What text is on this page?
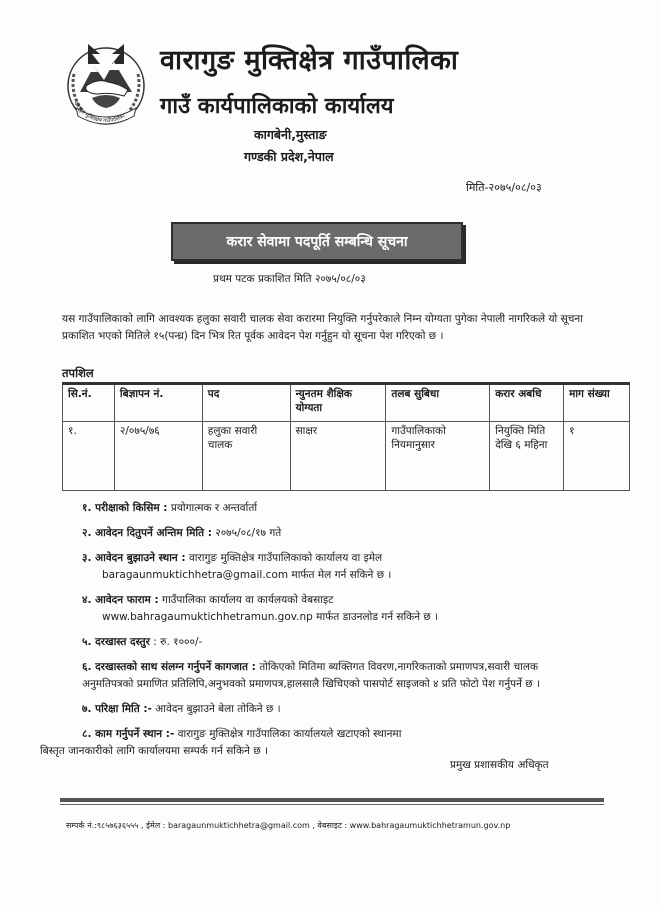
वारागुङ मुक्तिक्षेत्र गाउँपालिका
वारागुङ मुक्तिक्षेत्र गाउँपालिका
गाउँ कार्यपालिकाको कार्यालय
कागबेनी,मुस्ताङ
गण्डकी प्रदेश,नेपाल
मिति-२०७५/०८/०३
करार सेवामा पदपूर्ति सम्बन्धि सूचना
प्रथम पटक प्रकाशित मिति २०७५/०८/०३
यस गाउँपालिकाको लागि आवश्यक हलुका सवारी चालक सेवा करारमा नियुक्ति गर्नुपरेकाले निम्न योग्यता पुगेका नेपाली नागरिकले यो सूचना प्रकाशित भएको मितिले १५(पन्ध्र) दिन भित्र रित पूर्वक आवेदन पेश गर्नुहुन यो सूचना पेश गरिएको छ ।
तपशिल
सि.नं.	बिज्ञापन नं.	पद	न्युनतम शैक्षिक योग्यता	तलब सुबिधा	करार अबधि	माग संख्या
१.	२/०७५/७६	हलुका सवारी चालक	साक्षर	गाउँपालिकाको नियमानुसार	नियुक्ति मिति देखि ६ महिना	१
१. परीक्षाको किसिम : प्रयोगात्मक र अन्तर्वार्ता
२. आवेदन दितुपर्ने अन्तिम मिति : २०७५/०८/१७ गते
३. आवेदन बुझाउने स्थान : वारागुङ मुक्तिक्षेत्र गाउँपालिकाको कार्यालय वा इमेल
baragaunmuktichhetra@gmail.com मार्फत मेल गर्न सकिने छ ।
४. आवेदन फाराम : गाउँपालिका कार्यालय वा कार्यलयको वेबसाइट
www.bahragaumuktichhetramun.gov.np मार्फत डाउनलोड गर्न सकिने छ ।
५. दरखास्त दस्तुर : रु. १०००/-
६. दरखास्तको साथ संलग्न गर्नुपर्ने कागजात : तोकिएको मितिमा ब्यक्तिगत विवरण,नागरिकताको प्रमाणपत्र,सवारी चालक अनुमतिपत्रको प्रमाणित प्रतिलिपि,अनुभवको प्रमाणपत्र,हालसालै खिचिएको पासपोर्ट साइजको ४ प्रति फोटो पेश गर्नुपर्ने छ ।
७. परिक्षा मिति :- आवेदन बुझाउने बेला तोकिने छ ।
८. काम गर्नुपर्ने स्थान :- वारागुङ मुक्तिक्षेत्र गाउँपालिका कार्यालयले खटाएको स्थानमा
बिस्तृत जानकारीको लागि कार्यालयमा सम्पर्क गर्न सकिने छ ।
प्रमुख प्रशासकीय अधिकृत
सम्पर्क नं.:९८५७६३६५५५ , ईमेल : baragaunmuktichhetra@gmail.com , वेबसाइट : www.bahragaumuktichhetramun.gov.np
